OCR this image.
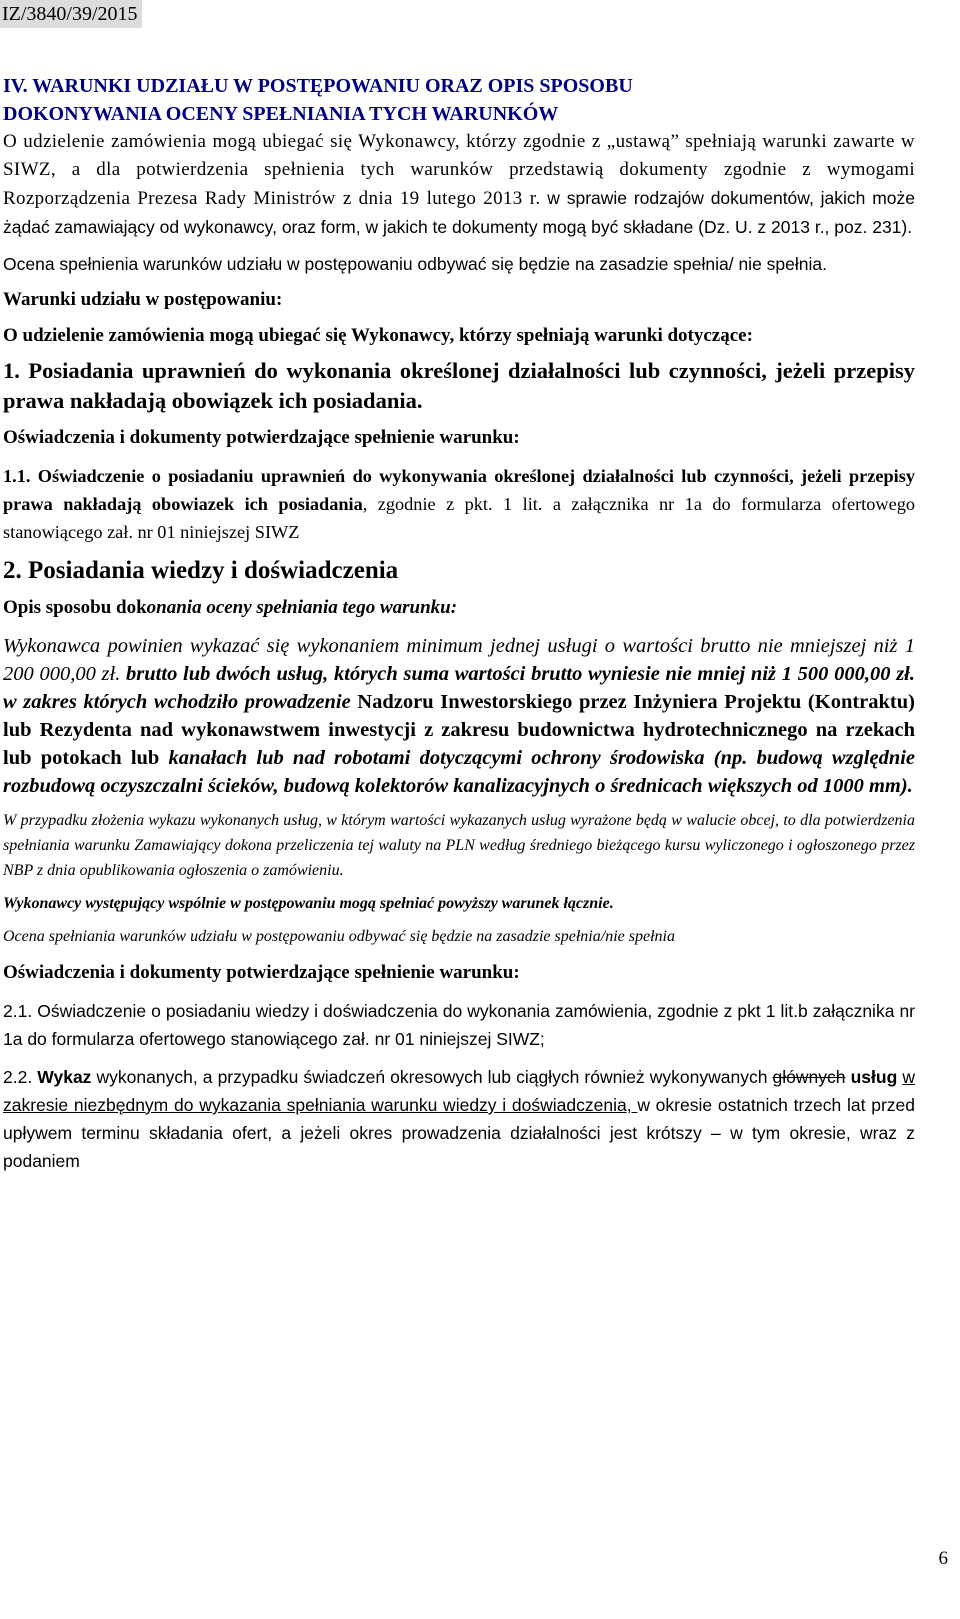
IZ/3840/39/2015

IV. WARUNKI UDZIAŁU W POSTĘPOWANIU ORAZ OPIS SPOSOBU

DOKONYWANIA OCENY SPEŁNIANIA TYCH WARUNKÓW

O udzielenie zamówienia mogą ubiegać się Wykonawcy, którzy zgodnie z „ustawą” spełniają warunki zawarte w SIWZ, a dla potwierdzenia spełnienia tych warunków przedstawią dokumenty zgodnie z wymogami Rozporządzenia Prezesa Rady Ministrów z dnia 19 lutego 2013 r. w sprawie rodzajów dokumentów, jakich może żądać zamawiający od wykonawcy, oraz form, w jakich te dokumenty mogą być składane (Dz. U. z 2013 r., poz. 231).

Ocena spełnienia warunków udziału w postępowaniu odbywać się będzie na zasadzie spełnia/ nie spełnia.

Warunki udziału w postępowaniu:

O udzielenie zamówienia mogą ubiegać się Wykonawcy, którzy spełniają warunki dotyczące:

1. Posiadania uprawnień do wykonania określonej działalności lub czynności, jeżeli przepisy prawa nakładają obowiązek ich posiadania.

Oświadczenia i dokumenty potwierdzające spełnienie warunku:

1.1. Oświadczenie o posiadaniu uprawnień do wykonywania określonej działalności lub czynności, jeżeli przepisy prawa nakładają obowiazek ich posiadania, zgodnie z pkt. 1 lit. a załącznika nr 1a do formularza ofertowego stanowiącego zał. nr 01 niniejszej SIWZ

2. Posiadania wiedzy i doświadczenia

Opis sposobu dokonania oceny spełniania tego warunku:

Wykonawca powinien wykazać się wykonaniem minimum jednej usługi o wartości brutto nie mniejszej niż 1 200 000,00 zł. brutto lub dwóch usług, których suma wartości brutto wyniesie nie mniej niż 1 500 000,00 zł. w zakres których wchodziło prowadzenie Nadzoru Inwestorskiego przez Inżyniera Projektu (Kontraktu) lub Rezydenta nad wykonawstwem inwestycji z zakresu budownictwa hydrotechnicznego na rzekach lub potokach lub kanałach lub nad robotami dotyczącymi ochrony środowiska (np. budową względnie rozbudową oczyszczalni ścieków, budową kolektorów kanalizacyjnych o średnicach większych od 1000 mm).

W przypadku złożenia wykazu wykonanych usług, w którym wartości wykazanych usług wyrażone będą w walucie obcej, to dla potwierdzenia spełniania warunku Zamawiający dokona przeliczenia tej waluty na PLN według średniego bieżącego kursu wyliczonego i ogłoszonego przez NBP z dnia opublikowania ogłoszenia o zamówieniu.

Wykonawcy występujący wspólnie w postępowaniu mogą spełniać powyższy warunek łącznie.

Ocena spełniania warunków udziału w postępowaniu odbywać się będzie na zasadzie spełnia/nie spełnia

Oświadczenia i dokumenty potwierdzające spełnienie warunku:

2.1. Oświadczenie o posiadaniu wiedzy i doświadczenia do wykonania zamówienia, zgodnie z pkt 1 lit.b załącznika nr 1a do formularza ofertowego stanowiącego zał. nr 01 niniejszej SIWZ;

2.2. Wykaz wykonanych, a przypadku świadczeń okresowych lub ciągłych również wykonywanych głównych usług w zakresie niezbędnym do wykazania spełniania warunku wiedzy i doświadczenia, w okresie ostatnich trzech lat przed upływem terminu składania ofert, a jeżeli okres prowadzenia działalności jest krótszy – w tym okresie, wraz z podaniem

6
